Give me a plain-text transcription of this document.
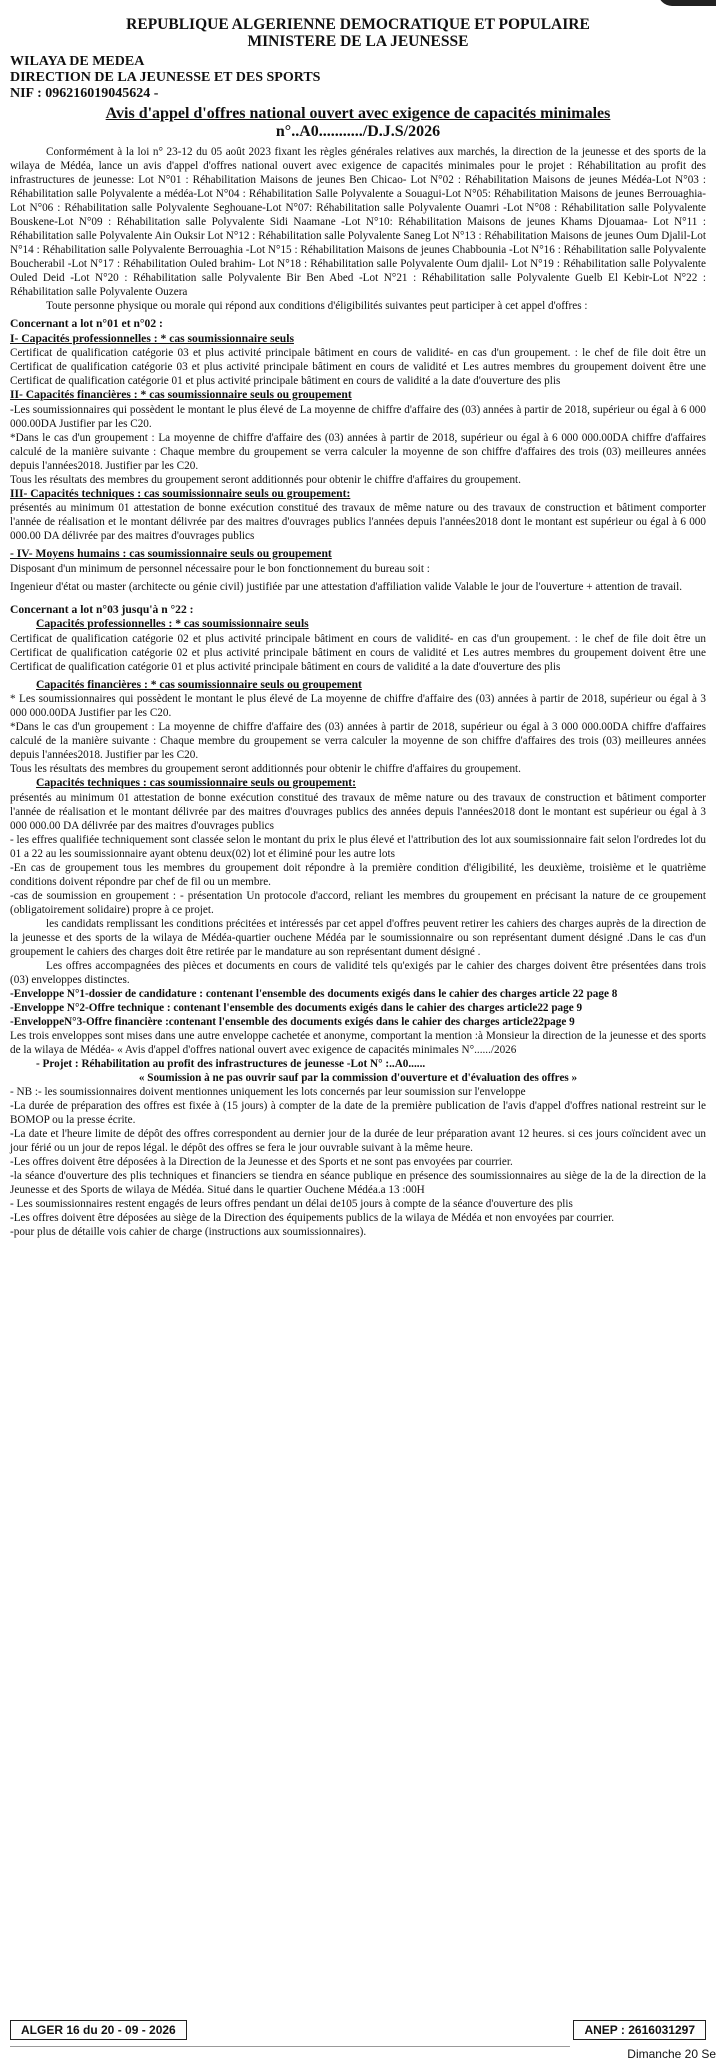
REPUBLIQUE ALGERIENNE DEMOCRATIQUE ET POPULAIRE
MINISTERE DE LA JEUNESSE
WILAYA DE MEDEA
DIRECTION DE LA JEUNESSE ET DES SPORTS
NIF : 096216019045624 -
Avis d'appel d'offres national ouvert avec exigence de capacités minimales
n°..A0.........../D.J.S/2026

Conformément à la loi n° 23-12 du 05 août 2023 fixant les règles générales relatives aux marchés, la direction de la jeunesse et des sports de la wilaya de Médéa, lance un avis d'appel d'offres national ouvert avec exigence de capacités minimales pour le projet : Réhabilitation au profit des infrastructures de jeunesse: Lot N°01 : Réhabilitation Maisons de jeunes Ben Chicao- Lot N°02 : Réhabilitation Maisons de jeunes Médéa-Lot N°03 : Réhabilitation salle Polyvalente a médéa-Lot N°04 : Réhabilitation Salle Polyvalente a Souagui-Lot N°05: Réhabilitation Maisons de jeunes Berrouaghia-Lot N°06 : Réhabilitation salle Polyvalente Seghouane-Lot N°07: Réhabilitation salle Polyvalente Ouamri -Lot N°08 : Réhabilitation salle Polyvalente Bouskene-Lot N°09 : Réhabilitation salle Polyvalente Sidi Naamane -Lot N°10: Réhabilitation Maisons de jeunes Khams Djouamaa- Lot N°11 : Réhabilitation salle Polyvalente Ain Ouksir Lot N°12 : Réhabilitation salle Polyvalente Saneg Lot N°13 : Réhabilitation Maisons de jeunes Oum Djalil-Lot N°14 : Réhabilitation salle Polyvalente Berrouaghia -Lot N°15 : Réhabilitation Maisons de jeunes Chabbounia -Lot N°16 : Réhabilitation salle Polyvalente Boucherabil -Lot N°17 : Réhabilitation Ouled brahim- Lot N°18 : Réhabilitation salle Polyvalente Oum djalil- Lot N°19 : Réhabilitation salle Polyvalente Ouled Deid -Lot N°20 : Réhabilitation salle Polyvalente Bir Ben Abed -Lot N°21 : Réhabilitation salle Polyvalente Guelb El Kebir-Lot N°22 : Réhabilitation salle Polyvalente Ouzera

Toute personne physique ou morale qui répond aux conditions d'éligibilités suivantes peut participer à cet appel d'offres :

Concernant a lot n°01 et n°02 :

I- Capacités professionnelles : * cas soumissionnaire seuls

Certificat de qualification catégorie 03 et plus activité principale bâtiment en cours de validité- en cas d'un groupement. : le chef de file doit être un Certificat de qualification catégorie 03 et plus activité principale bâtiment en cours de validité et Les autres membres du groupement doivent être une Certificat de qualification catégorie 01 et plus activité principale bâtiment en cours de validité a la date d'ouverture des plis

II- Capacités financières : * cas soumissionnaire seuls ou groupement

-Les soumissionnaires qui possèdent le montant le plus élevé de La moyenne de chiffre d'affaire des (03) années à partir de 2018, supérieur ou égal à 6 000 000.00DA Justifier par les C20.

*Dans le cas d'un groupement : La moyenne de chiffre d'affaire des (03) années à partir de 2018, supérieur ou égal à 6 000 000.00DA chiffre d'affaires calculé de la manière suivante : Chaque membre du groupement se verra calculer la moyenne de son chiffre d'affaires des trois (03) meilleures années depuis l'années2018. Justifier par les C20.

Tous les résultats des membres du groupement seront additionnés pour obtenir le chiffre d'affaires du groupement.

III- Capacités techniques : cas soumissionnaire seuls ou groupement:

présentés au minimum 01 attestation de bonne exécution constitué des travaux de même nature ou des travaux de construction et bâtiment comporter l'année de réalisation et le montant délivrée par des maitres d'ouvrages publics l'années depuis l'années2018 dont le montant est supérieur ou égal à 6 000 000.00 DA délivrée par des maitres d'ouvrages publics

- IV- Moyens humains : cas soumissionnaire seuls ou groupement

Disposant d'un minimum de personnel nécessaire pour le bon fonctionnement du bureau soit :

Ingenieur d'état ou master (architecte ou génie civil) justifiée par une attestation d'affiliation valide Valable le jour de l'ouverture + attention de travail.

Concernant a lot n°03 jusqu'à n °22 :

Capacités professionnelles : * cas soumissionnaire seuls

Certificat de qualification catégorie 02 et plus activité principale bâtiment en cours de validité- en cas d'un groupement. : le chef de file doit être un Certificat de qualification catégorie 02 et plus activité principale bâtiment en cours de validité et Les autres membres du groupement doivent être une Certificat de qualification catégorie 01 et plus activité principale bâtiment en cours de validité a la date d'ouverture des plis

Capacités financières : * cas soumissionnaire seuls ou groupement

* Les soumissionnaires qui possèdent le montant le plus élevé de La moyenne de chiffre d'affaire des (03) années à partir de 2018, supérieur ou égal à 3 000 000.00DA Justifier par les C20.

*Dans le cas d'un groupement : La moyenne de chiffre d'affaire des (03) années à partir de 2018, supérieur ou égal à 3 000 000.00DA chiffre d'affaires calculé de la manière suivante : Chaque membre du groupement se verra calculer la moyenne de son chiffre d'affaires des trois (03) meilleures années depuis l'années2018. Justifier par les C20.

Tous les résultats des membres du groupement seront additionnés pour obtenir le chiffre d'affaires du groupement.

Capacités techniques : cas soumissionnaire seuls ou groupement:

présentés au minimum 01 attestation de bonne exécution constitué des travaux de même nature ou des travaux de construction et bâtiment comporter l'année de réalisation et le montant délivrée par des maitres d'ouvrages publics des années depuis l'années2018 dont le montant est supérieur ou égal à 3 000 000.00 DA délivrée par des maitres d'ouvrages publics

- les effres qualifiée techniquement sont classée selon le montant du prix le plus élevé et l'attribution des lot aux soumissionnaire fait selon l'ordredes lot du 01 a 22 au les soumissionnaire ayant obtenu deux(02) lot et éliminé pour les autre lots

-En cas de groupement tous les membres du groupement doit répondre à la première condition d'éligibilité, les deuxième, troisième et le quatrième conditions doivent répondre par chef de fil ou un membre.

-cas de soumission en groupement : - présentation Un protocole d'accord, reliant les membres du groupement en précisant la nature de ce groupement (obligatoirement solidaire) propre à ce projet.

les candidats remplissant les conditions précitées et intéressés par cet appel d'offres peuvent retirer les cahiers des charges auprès de la direction de la jeunesse et des sports de la wilaya de Médéa-quartier ouchene Médéa par le soumissionnaire ou son représentant dument désigné .Dans le cas d'un groupement le cahiers des charges doit être retirée par le mandature au son représentant dument désigné .

Les offres accompagnées des pièces et documents en cours de validité tels qu'exigés par le cahier des charges doivent être présentées dans trois (03) enveloppes distinctes.

-Enveloppe N°1-dossier de candidature : contenant l'ensemble des documents exigés dans le cahier des charges article 22 page 8

-Enveloppe N°2-Offre technique : contenant l'ensemble des documents exigés dans le cahier des charges article22 page 9

-EnveloppeN°3-Offre financière :contenant l'ensemble des documents exigés dans le cahier des charges article22page 9

Les trois enveloppes sont mises dans une autre enveloppe cachetée et anonyme, comportant la mention :à Monsieur la direction de la jeunesse et des sports de la wilaya de Médéa- « Avis d'appel d'offres national ouvert avec exigence de capacités minimales N°....../2026

- Projet : Réhabilitation au profit des infrastructures de jeunesse -Lot N° :..A0......

« Soumission à ne pas ouvrir sauf par la commission d'ouverture et d'évaluation des offres »

- NB :- les soumissionnaires doivent mentionnes uniquement les lots concernés par leur soumission sur l'enveloppe

-La durée de préparation des offres est fixée à (15 jours) à compter de la date de la première publication de l'avis d'appel d'offres national restreint sur le BOMOP ou la presse écrite.

-La date et l'heure limite de dépôt des offres correspondent au dernier jour de la durée de leur préparation avant 12 heures. si ces jours coïncident avec un jour férié ou un jour de repos légal. le dépôt des offres se fera le jour ouvrable suivant à la même heure.

-Les offres doivent être déposées à la Direction de la Jeunesse et des Sports et ne sont pas envoyées par courrier.

-la séance d'ouverture des plis techniques et financiers se tiendra en séance publique en présence des soumissionnaires au siège de la de la direction de la Jeunesse et des Sports de wilaya de Médéa. Situé dans le quartier Ouchene Médéa.a 13 :00H

- Les soumissionnaires restent engagés de leurs offres pendant un délai de105 jours à compte de la séance d'ouverture des plis

-Les offres doivent être déposées au siège de la Direction des équipements publics de la wilaya de Médéa et non envoyées par courrier.

-pour plus de détaille vois cahier de charge (instructions aux soumissionnaires).

ALGER 16 du 20 - 09 - 2026	ANEP : 2616031297
Dimanche 20 Se
